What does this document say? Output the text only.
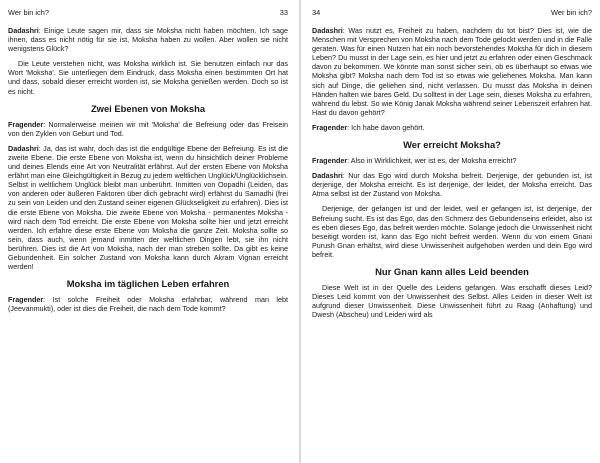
Wer bin ich?	33

Dadashri: Einige Leute sagen mir, dass sie Moksha nicht haben möchten. Ich sage ihnen, dass es nicht nötig für sie ist, Moksha haben zu wollen. Aber wollen sie nicht wenigstens Glück?

Die Leute verstehen nicht, was Moksha wirklich ist. Sie benutzen einfach nur das Wort 'Moksha'. Sie unterliegen dem Eindruck, dass Moksha einen bestimmten Ort hat und dass, sobald dieser erreicht worden ist, sie Moksha genießen werden. Doch so ist es nicht.

Zwei Ebenen von Moksha

Fragender: Normalerweise meinen wir mit 'Moksha' die Befreiung oder das Freisein von den Zyklen von Geburt und Tod.

Dadashri: Ja, das ist wahr, doch das ist die endgültige Ebene der Befreiung. Es ist die zweite Ebene. Die erste Ebene von Moksha ist, wenn du hinsichtlich deiner Probleme und deines Elends eine Art von Neutralität erfährst. Auf der ersten Ebene von Moksha erfährt man eine Gleichgültigkeit in Bezug zu jedem weltlichen Unglück/Unglücklichsein. Selbst in weltlichem Unglück bleibt man unberührt. Inmitten von Oopadhi (Leiden, das von anderen oder äußeren Faktoren über dich gebracht wird) erfährst du Samadhi (frei zu sein von Leiden und den Zustand seiner eigenen Glückseligkeit zu erfahren). Dies ist die erste Ebene von Moksha. Die zweite Ebene von Moksha - permanentes Moksha - wird nach dem Tod erreicht. Die erste Ebene von Moksha sollte hier und jetzt erreicht werden. Ich erfahre diese erste Ebene von Moksha die ganze Zeit. Moksha sollte so sein, dass auch, wenn jemand inmitten der weltlichen Dingen lebt, sie ihn nicht berühren. Dies ist die Art von Moksha, nach der man streben sollte. Da gibt es keine Gebundenheit. Ein solcher Zustand von Moksha kann durch Akram Vignan erreicht werden!

Moksha im täglichen Leben erfahren

Fragender: Ist solche Freiheit oder Moksha erfahrbar, während man lebt (Jeevanmukti), oder ist dies die Freiheit, die nach dem Tode kommt?

34	Wer bin ich?

Dadashri: Was nutzt es, Freiheit zu haben, nachdem du tot bist? Dies ist, wie die Menschen mit Versprechen von Moksha nach dem Tode gelockt werden und in die Falle geraten. Was für einen Nutzen hat ein noch bevorstehendes Moksha für dich in diesem Leben? Du musst in der Lage sein, es hier und jetzt zu erfahren oder einen Geschmack davon zu bekommen. We könnte man sonst sicher sein, ob es überhaupt so etwas wie Moksha gibt? Moksha nach dem Tod ist so etwas wie geliehenes Moksha. Man kann sich auf Dinge, die geliehen sind, nicht verlassen. Du musst das Moksha in deinen Händen halten wie bares Geld. Du solltest in der Lage sein, dieses Moksha zu erfahren, während du lebst. So wie König Janak Moksha während seiner Lebenszeit erfahren hat. Hast du davon gehört?

Fragender: Ich habe davon gehört.

Wer erreicht Moksha?

Fragender: Also in Wirklichkeit, wer ist es, der Moksha erreicht?

Dadashri: Nur das Ego wird durch Moksha befreit. Derjenige, der gebunden ist, ist derjenige, der Moksha erreicht. Es ist derjenige, der leidet, der Moksha erreicht. Das Atma selbst ist der Zustand von Moksha.

Derjenige, der gefangen ist und der leidet, weil er gefangen ist, ist derjenige, der Befreiung sucht. Es ist das Ego, das den Schmerz des Gebundenseins erleidet, also ist es eben dieses Ego, das befreit werden möchte. Solange jedoch die Unwissenheit nicht beseitigt worden ist, kann das Ego nicht befreit werden. Wenn du von einem Gnani Purush Gnan erhältst, wird diese Unwissenheit aufgehoben werden und dein Ego wird befreit.

Nur Gnan kann alles Leid beenden

Diese Welt ist in der Quelle des Leidens gefangen. Was erschafft dieses Leid? Dieses Leid kommt von der Unwissenheit des Selbst. Alles Leiden in dieser Welt ist aufgrund dieser Unwissenheit. Diese Unwissenheit führt zu Raag (Anhaftung) und Dwesh (Abscheu) und Leiden wird als
